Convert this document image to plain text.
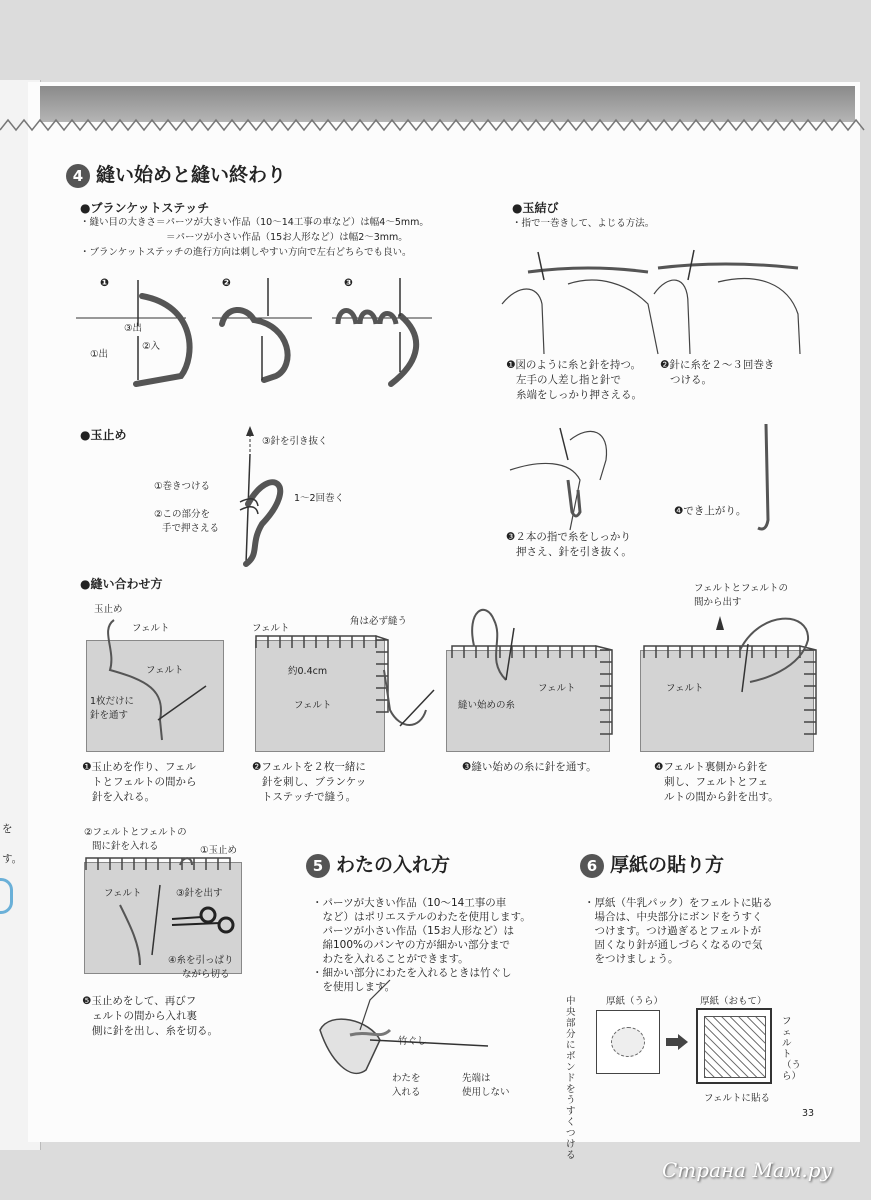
を
す。
4 縫い始めと縫い終わり
●ブランケットステッチ
・縫い目の大きさ＝パーツが大きい作品（10～14工事の車など）は幅4～5mm。
＝パーツが小さい作品（15お人形など）は幅2～3mm。
・ブランケットステッチの進行方向は刺しやすい方向で左右どちらでも良い。
❶	❷	❸
③出
①出
②入
●玉止め	③針を引き抜く
①巻きつける
1～2回巻く
②この部分を
手で押さえる
●玉結び
・指で一巻きして、よじる方法。
❶図のように糸と針を持つ。
左手の人差し指と針で
糸端をしっかり押さえる。
❷針に糸を２～３回巻き
つける。
❸２本の指で糸をしっかり
押さえ、針を引き抜く。
❹でき上がり。
●縫い合わせ方
玉止め
フェルト
フェルト
1枚だけに
針を通す
フェルト
角は必ず縫う
約0.4cm
フェルト
フェルト
縫い始めの糸
フェルトとフェルトの
間から出す
フェルト
❶玉止めを作り、フェル
トとフェルトの間から
針を入れる。
❷フェルトを２枚一緒に
針を刺し、ブランケッ
トステッチで縫う。
❸縫い始めの糸に針を通す。	❹フェルト裏側から針を
刺し、フェルトとフェ
ルトの間から針を出す。
②フェルトとフェルトの
間に針を入れる	①玉止め
フェルト	③針を出す
④糸を引っぱり
ながら切る
❺玉止めをして、再びフ
ェルトの間から入れ裏
側に針を出し、糸を切る。
5 わたの入れ方
・パーツが大きい作品（10～14工事の車
　など）はポリエステルのわたを使用します。
　パーツが小さい作品（15お人形など）は
　綿100%のパンヤの方が細かい部分まで
　わたを入れることができます。
・細かい部分にわたを入れるときは竹ぐし
　を使用します。
竹ぐし
わたを
入れる
先端は
使用しない
6 厚紙の貼り方
・厚紙（牛乳パック）をフェルトに貼る
　場合は、中央部分にボンドをうすく
　つけます。つけ過ぎるとフェルトが
　固くなり針が通しづらくなるので気
　をつけましょう。
中央部分にボンドをうすくつける
厚紙（うら）	厚紙（おもて）
フェルト（うら）
フェルトに貼る
33
Страна Мам.ру
